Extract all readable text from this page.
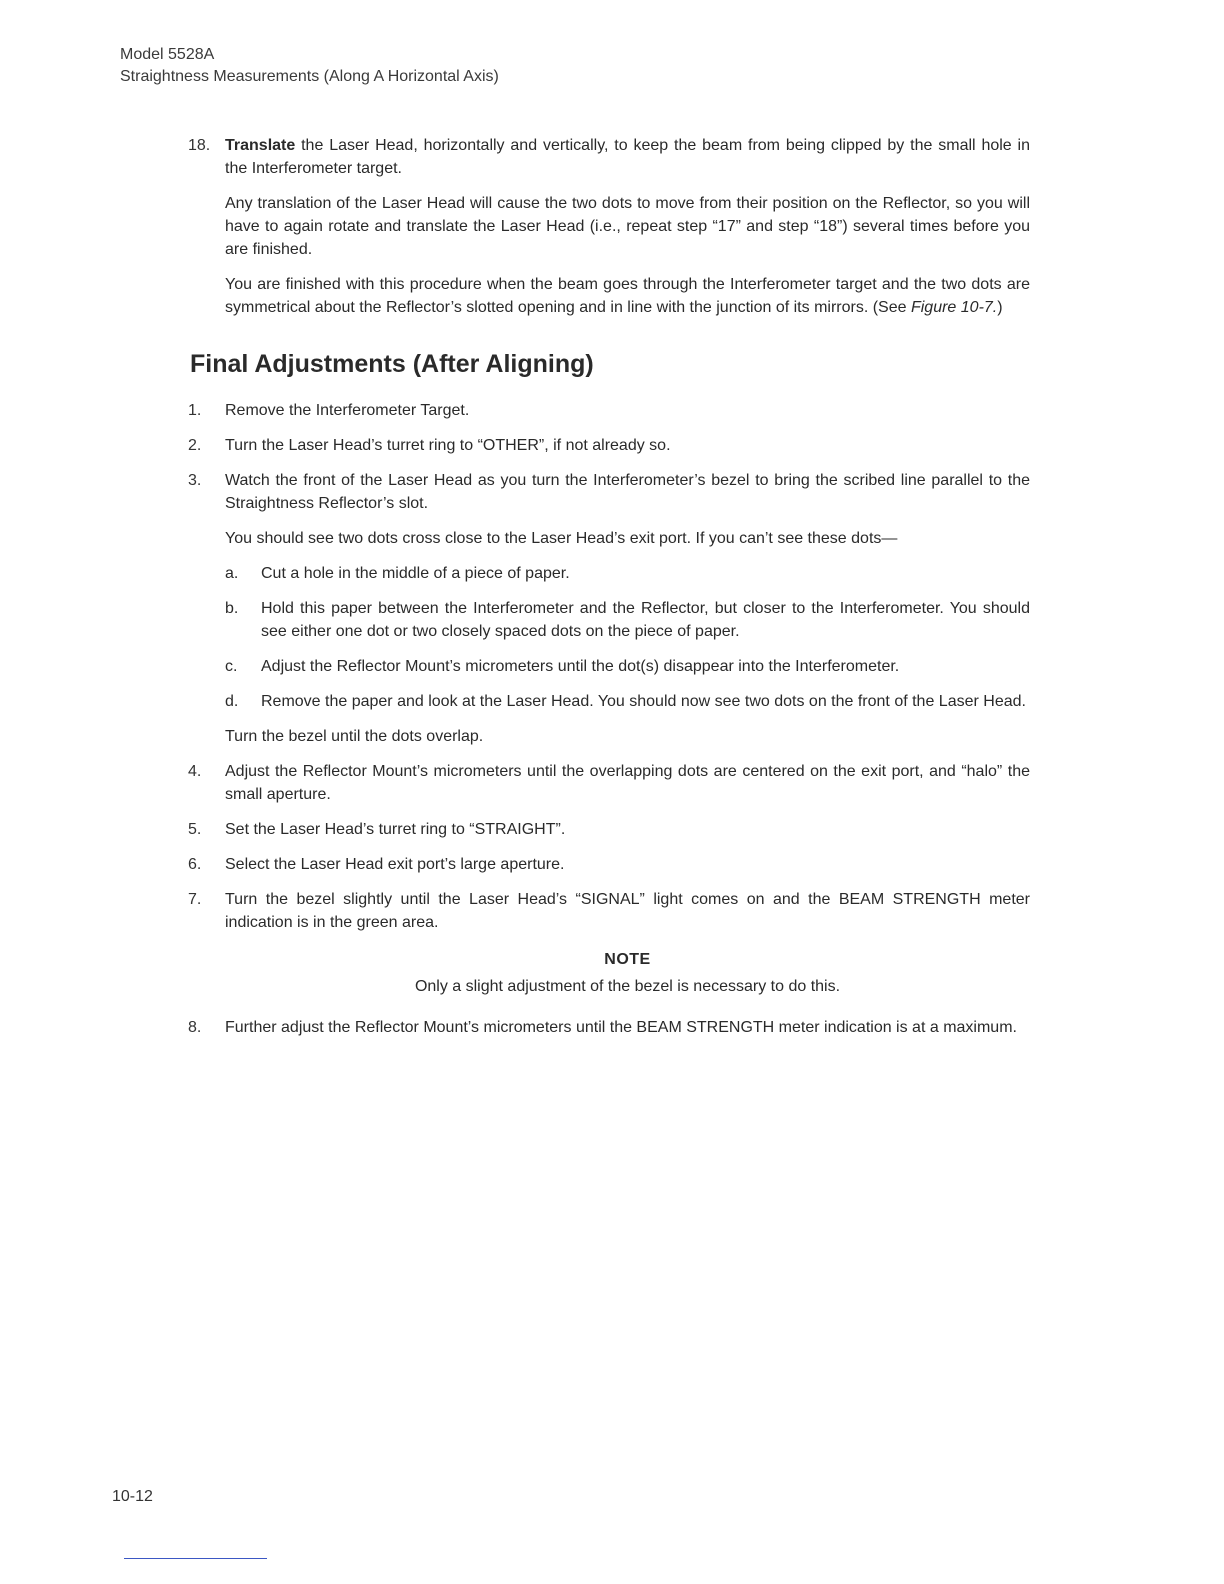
Model 5528A
Straightness Measurements (Along A Horizontal Axis)
18. Translate the Laser Head, horizontally and vertically, to keep the beam from being clipped by the small hole in the Interferometer target.

Any translation of the Laser Head will cause the two dots to move from their position on the Reflector, so you will have to again rotate and translate the Laser Head (i.e., repeat step “17” and step “18”) several times before you are finished.

You are finished with this procedure when the beam goes through the Interferometer target and the two dots are symmetrical about the Reflector’s slotted opening and in line with the junction of its mirrors. (See Figure 10-7.)

Final Adjustments (After Aligning)
1.	Remove the Interferometer Target.
2.	Turn the Laser Head’s turret ring to “OTHER”, if not already so.
3.	Watch the front of the Laser Head as you turn the Interferometer’s bezel to bring the scribed line parallel to the Straightness Reflector’s slot.

You should see two dots cross close to the Laser Head’s exit port. If you can’t see these dots—

a. Cut a hole in the middle of a piece of paper.
b. Hold this paper between the Interferometer and the Reflector, but closer to the Interferometer. You should see either one dot or two closely spaced dots on the piece of paper.
c. Adjust the Reflector Mount’s micrometers until the dot(s) disappear into the Interferometer.
d. Remove the paper and look at the Laser Head. You should now see two dots on the front of the Laser Head.

Turn the bezel until the dots overlap.

4.	Adjust the Reflector Mount’s micrometers until the overlapping dots are centered on the exit port, and “halo” the small aperture.
5.	Set the Laser Head’s turret ring to “STRAIGHT”.
6.	Select the Laser Head exit port’s large aperture.
7.	Turn the bezel slightly until the Laser Head’s “SIGNAL” light comes on and the BEAM STRENGTH meter indication is in the green area.
NOTE
Only a slight adjustment of the bezel is necessary to do this.
8.	Further adjust the Reflector Mount’s micrometers until the BEAM STRENGTH meter indication is at a maximum.
10-12
